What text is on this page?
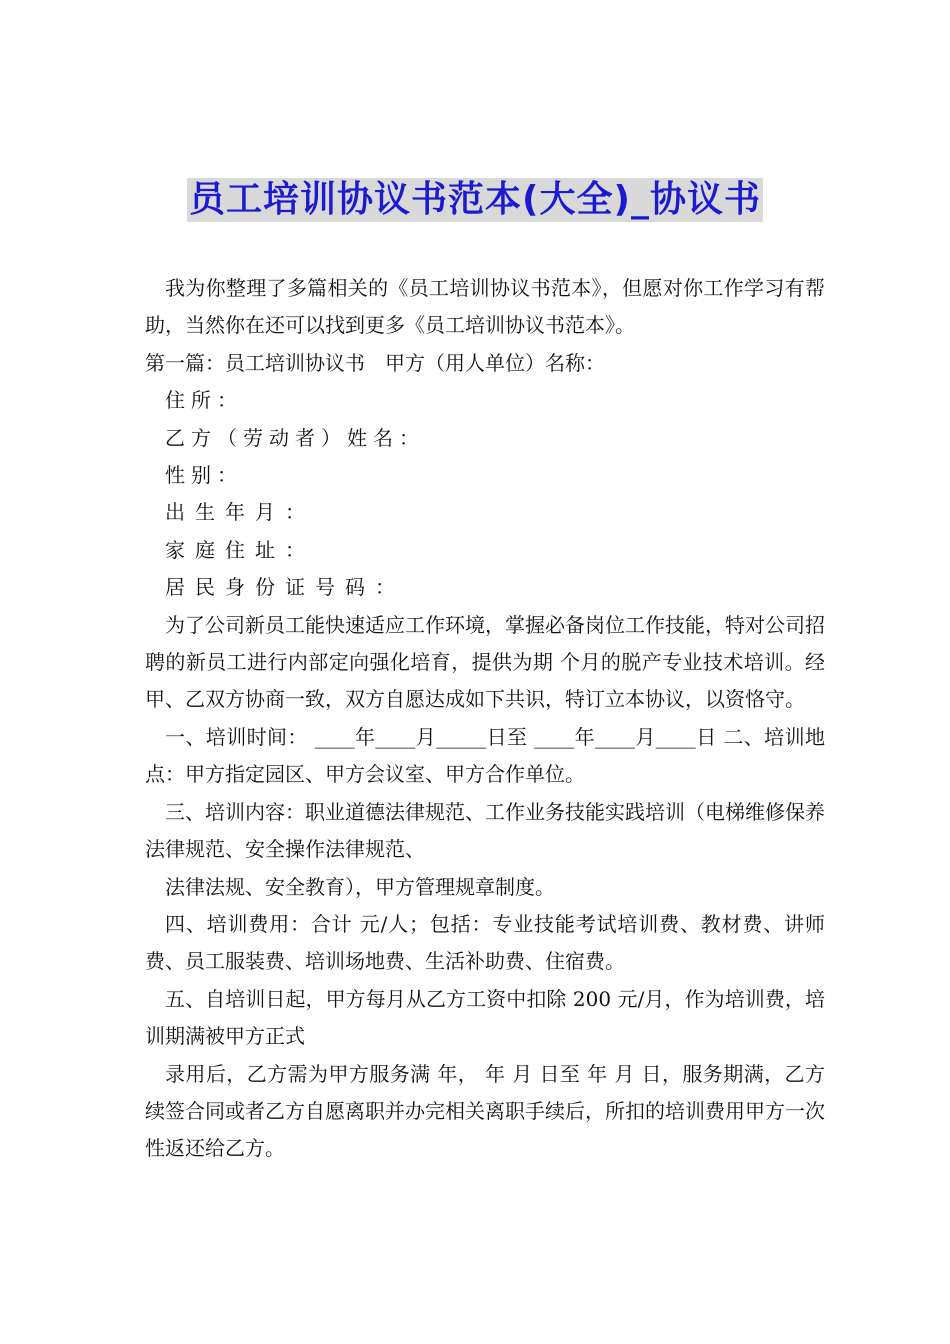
员工培训协议书范本(大全)_协议书

我为你整理了多篇相关的《员工培训协议书范本》，但愿对你工作学习有帮助，当然你在还可以找到更多《员工培训协议书范本》。

第一篇：员工培训协议书　甲方（用人单位）名称：

住所：

乙方（劳动者）姓名：

性别：

出生年月：

家庭住址：

居民身份证号码：

为了公司新员工能快速适应工作环境，掌握必备岗位工作技能，特对公司招聘的新员工进行内部定向强化培育，提供为期 个月的脱产专业技术培训。经甲、乙双方协商一致，双方自愿达成如下共识，特订立本协议，以资恪守。

一、培训时间： ____年____月_____日至 ____年____月____日 二、培训地点：甲方指定园区、甲方会议室、甲方合作单位。

三、培训内容：职业道德法律规范、工作业务技能实践培训（电梯维修保养法律规范、安全操作法律规范、

法律法规、安全教育），甲方管理规章制度。

四、培训费用：合计 元/人；包括：专业技能考试培训费、教材费、讲师费、员工服装费、培训场地费、生活补助费、住宿费。

五、自培训日起，甲方每月从乙方工资中扣除 200 元/月，作为培训费，培训期满被甲方正式

录用后，乙方需为甲方服务满 年， 年 月 日至 年 月 日，服务期满，乙方续签合同或者乙方自愿离职并办完相关离职手续后，所扣的培训费用甲方一次性返还给乙方。
